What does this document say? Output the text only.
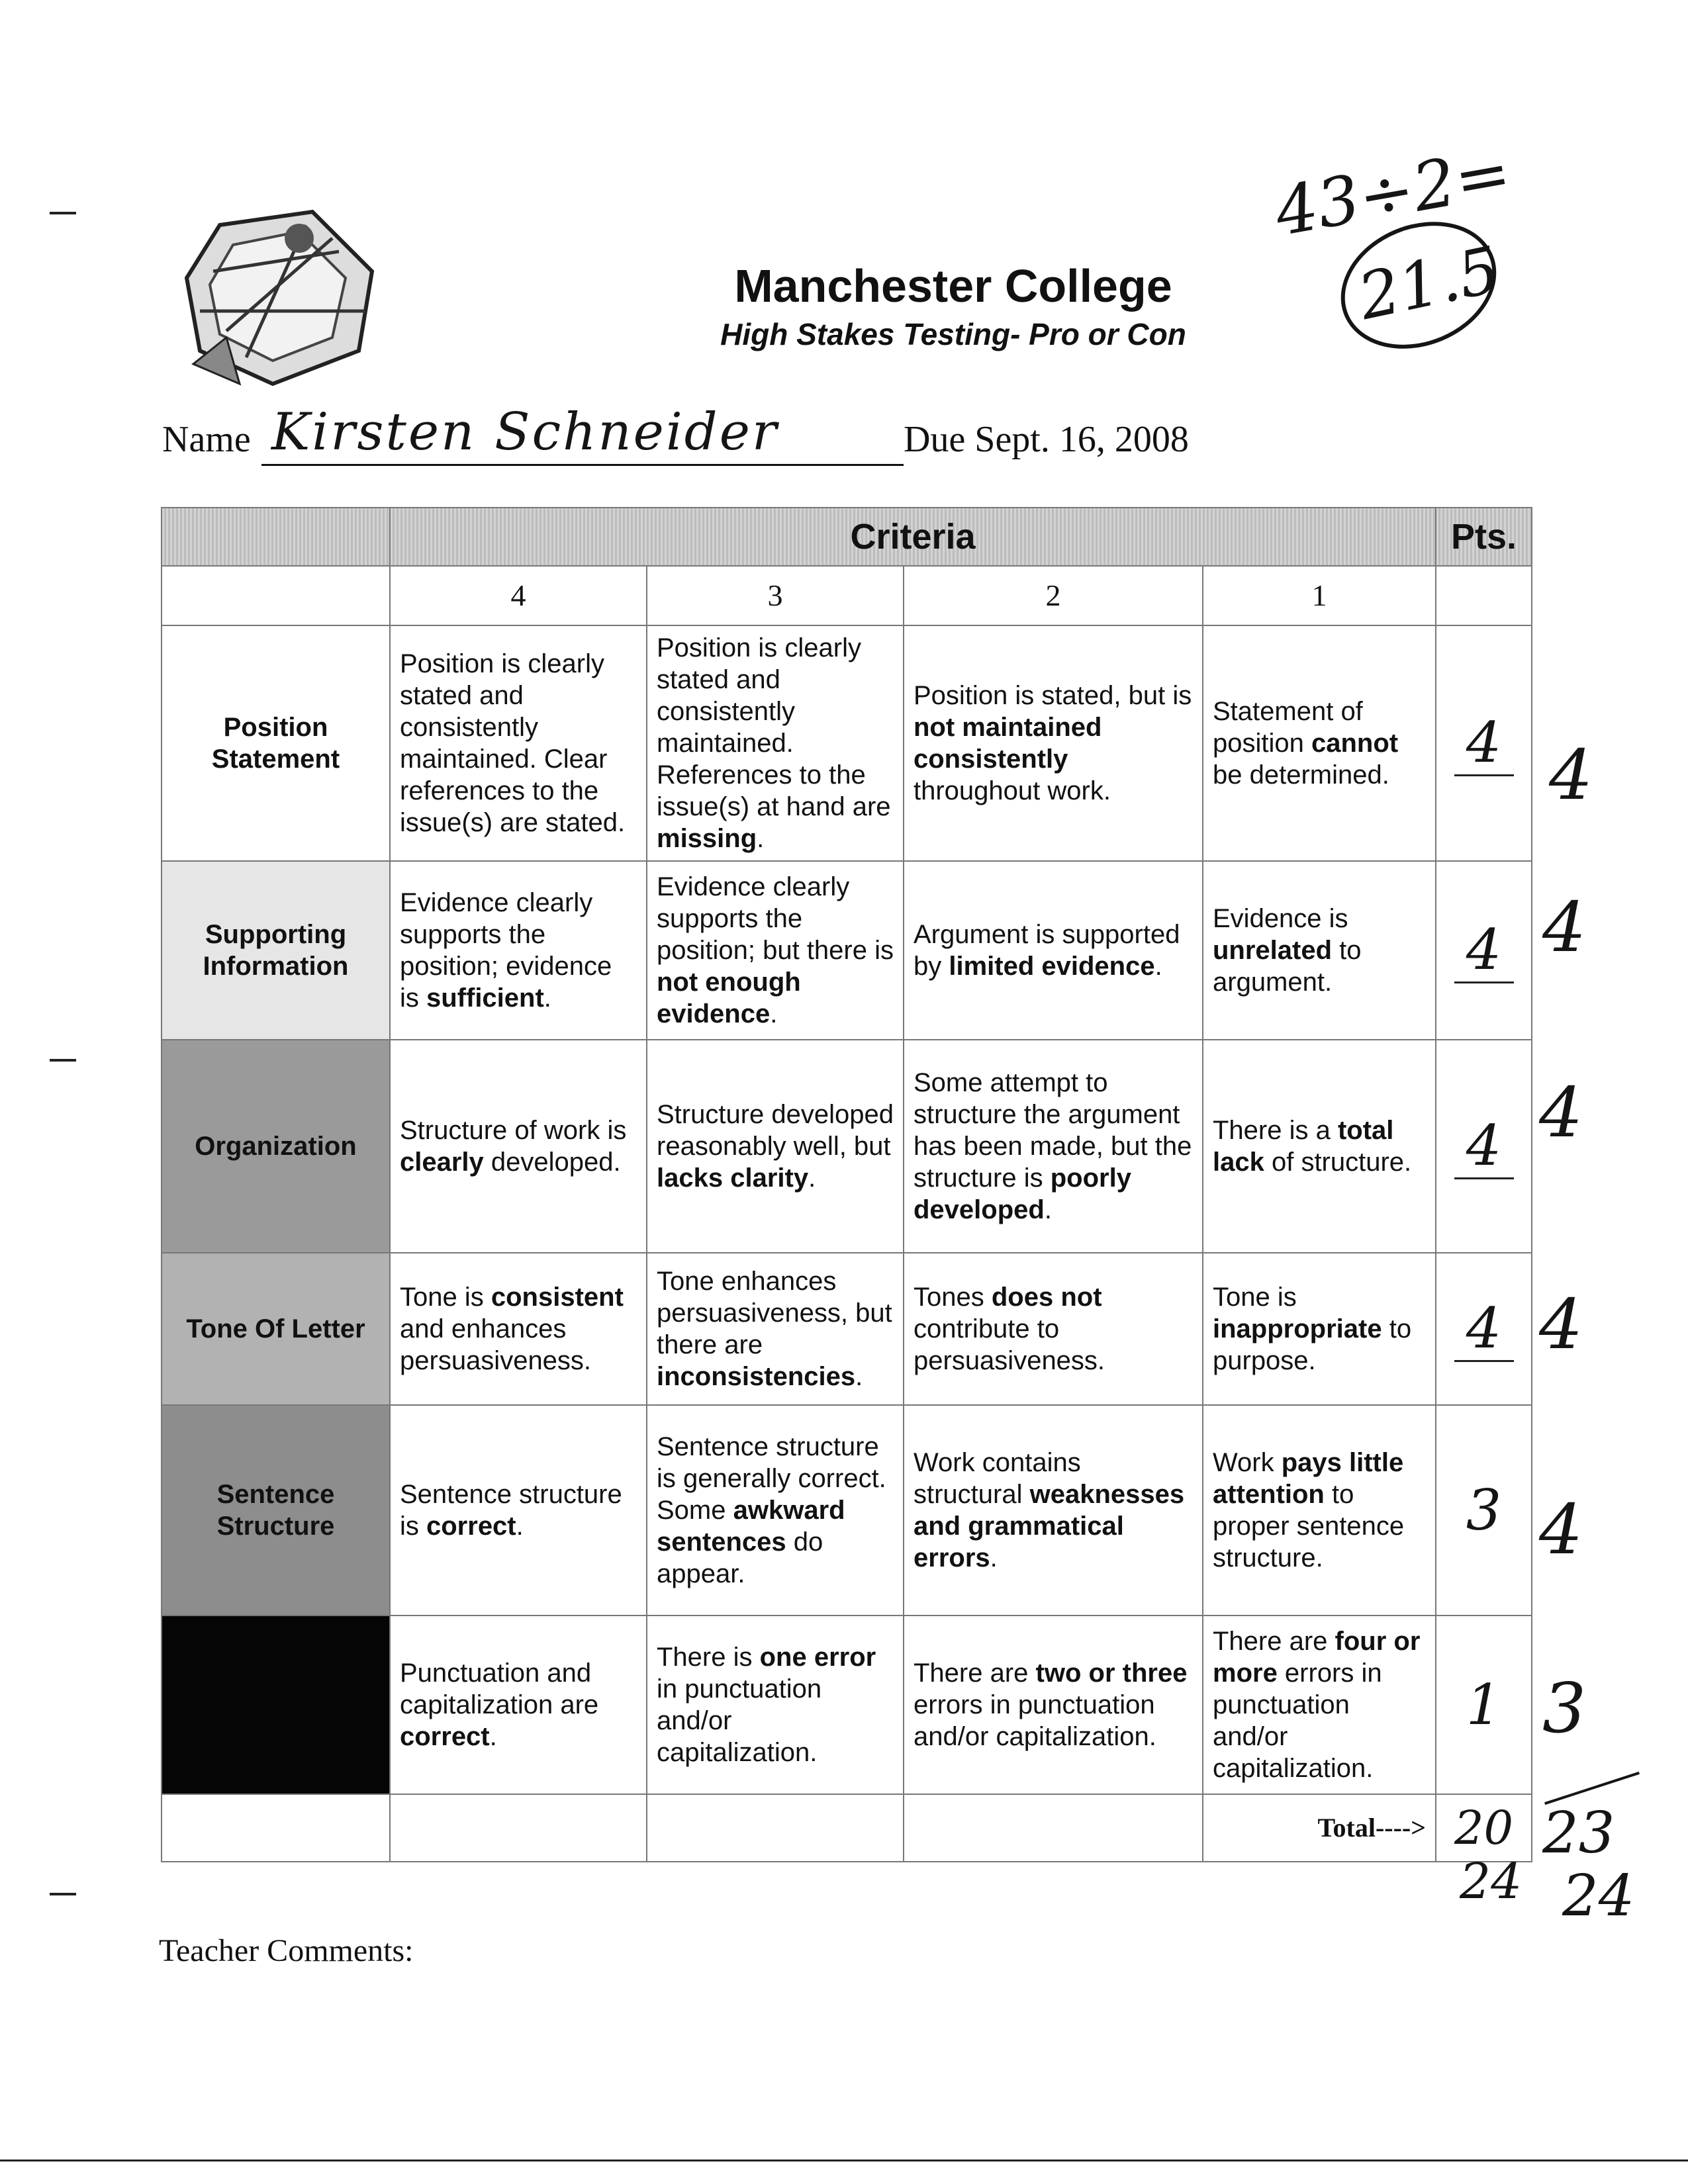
Manchester College
High Stakes Testing- Pro or Con
43÷2=
21.5
Name Kirsten Schneider	Due Sept. 16, 2008
	Criteria				Pts.
	4	3	2	1	
Position Statement	Position is clearly stated and consistently maintained. Clear references to the issue(s) are stated.	Position is clearly stated and consistently maintained. References to the issue(s) at hand are missing.	Position is stated, but is not maintained consistently throughout work.	Statement of position cannot be determined.	4
Supporting Information	Evidence clearly supports the position; evidence is sufficient.	Evidence clearly supports the position; but there is not enough evidence.	Argument is supported by limited evidence.	Evidence is unrelated to argument.	4
Organization	Structure of work is clearly developed.	Structure developed reasonably well, but lacks clarity.	Some attempt to structure the argument has been made, but the structure is poorly developed.	There is a total lack of structure.	4
Tone Of Letter	Tone is consistent and enhances persuasiveness.	Tone enhances persuasiveness, but there are inconsistencies.	Tones does not contribute to persuasiveness.	Tone is inappropriate to purpose.	4
Sentence Structure	Sentence structure is correct.	Sentence structure is generally correct. Some awkward sentences do appear.	Work contains structural weaknesses and grammatical errors.	Work pays little attention to proper sentence structure.	3
	Punctuation and capitalization are correct.	There is one error in punctuation and/or capitalization.	There are two or three errors in punctuation and/or capitalization.	There are four or more errors in punctuation and/or capitalization.	1
				Total---->	20
24
4
4
4
4
4
3
23
24
Teacher Comments:
